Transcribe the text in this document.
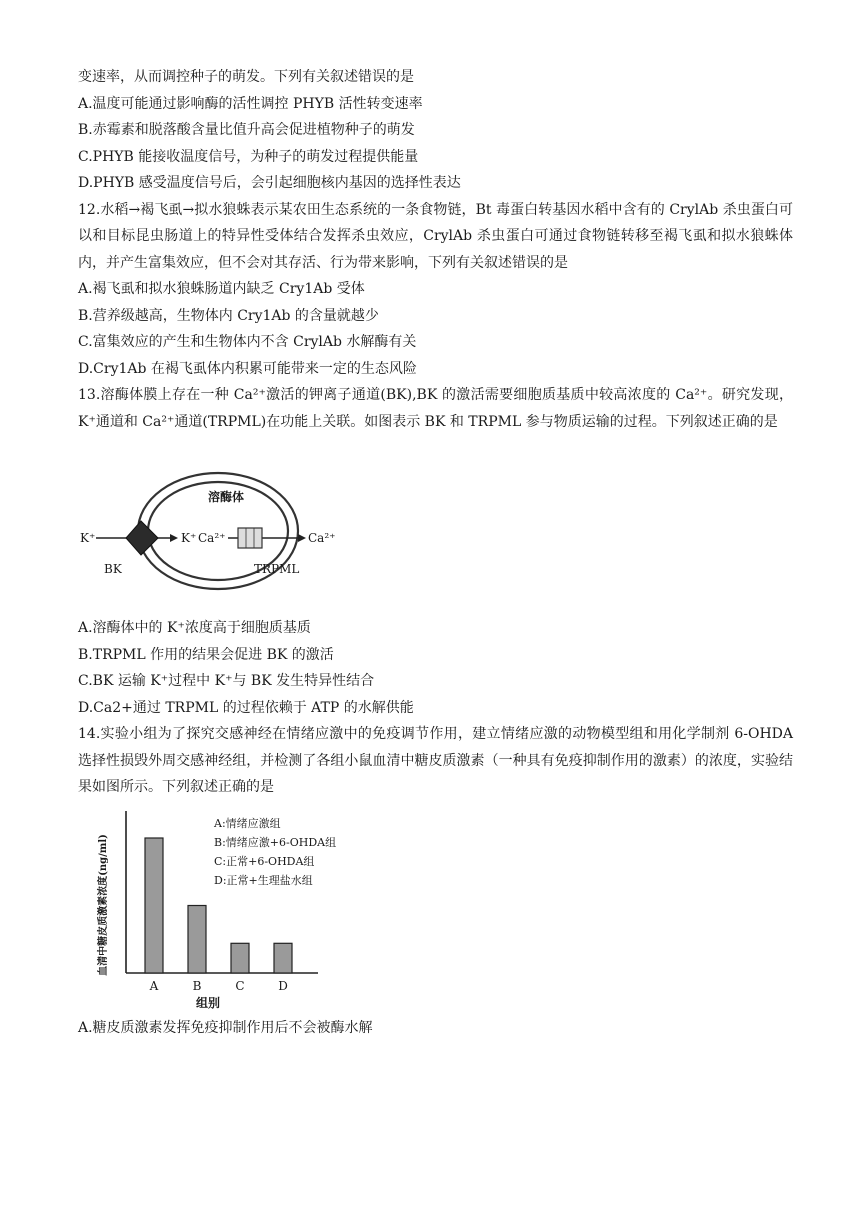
变速率，从而调控种子的萌发。下列有关叙述错误的是
A.温度可能通过影响酶的活性调控 PHYB 活性转变速率
B.赤霉素和脱落酸含量比值升高会促进植物种子的萌发
C.PHYB 能接收温度信号，为种子的萌发过程提供能量
D.PHYB 感受温度信号后，会引起细胞核内基因的选择性表达
12.水稻→褐飞虱→拟水狼蛛表示某农田生态系统的一条食物链，Bt 毒蛋白转基因水稻中含有的 CrylAb 杀虫蛋白可以和目标昆虫肠道上的特异性受体结合发挥杀虫效应，CrylAb 杀虫蛋白可通过食物链转移至褐飞虱和拟水狼蛛体内，并产生富集效应，但不会对其存活、行为带来影响，下列有关叙述错误的是
A.褐飞虱和拟水狼蛛肠道内缺乏 Cry1Ab 受体
B.营养级越高，生物体内 Cry1Ab 的含量就越少
C.富集效应的产生和生物体内不含 CrylAb 水解酶有关
D.Cry1Ab 在褐飞虱体内积累可能带来一定的生态风险
13.溶酶体膜上存在一种 Ca²⁺激活的钾离子通道(BK),BK 的激活需要细胞质基质中较高浓度的 Ca²⁺。研究发现，K⁺通道和 Ca²⁺通道(TRPML)在功能上关联。如图表示 BK 和 TRPML 参与物质运输的过程。下列叙述正确的是
溶酶体
K⁺	K⁺
BK
Ca²⁺	Ca²⁺
TRPML
A.溶酶体中的 K⁺浓度高于细胞质基质
B.TRPML 作用的结果会促进 BK 的激活
C.BK 运输 K⁺过程中 K⁺与 BK 发生特异性结合
D.Ca2+通过 TRPML 的过程依赖于 ATP 的水解供能
14.实验小组为了探究交感神经在情绪应激中的免疫调节作用，建立情绪应激的动物模型组和用化学制剂 6-OHDA 选择性损毁外周交感神经组，并检测了各组小鼠血清中糖皮质激素（一种具有免疫抑制作用的激素）的浓度，实验结果如图所示。下列叙述正确的是
血清中糖皮质激素浓度(ng/ml)
组别
A:情绪应激组
B:情绪应激+6-OHDA组
C:正常+6-OHDA组
D:正常+生理盐水组
A	B	C	D
A.糖皮质激素发挥免疫抑制作用后不会被酶水解
